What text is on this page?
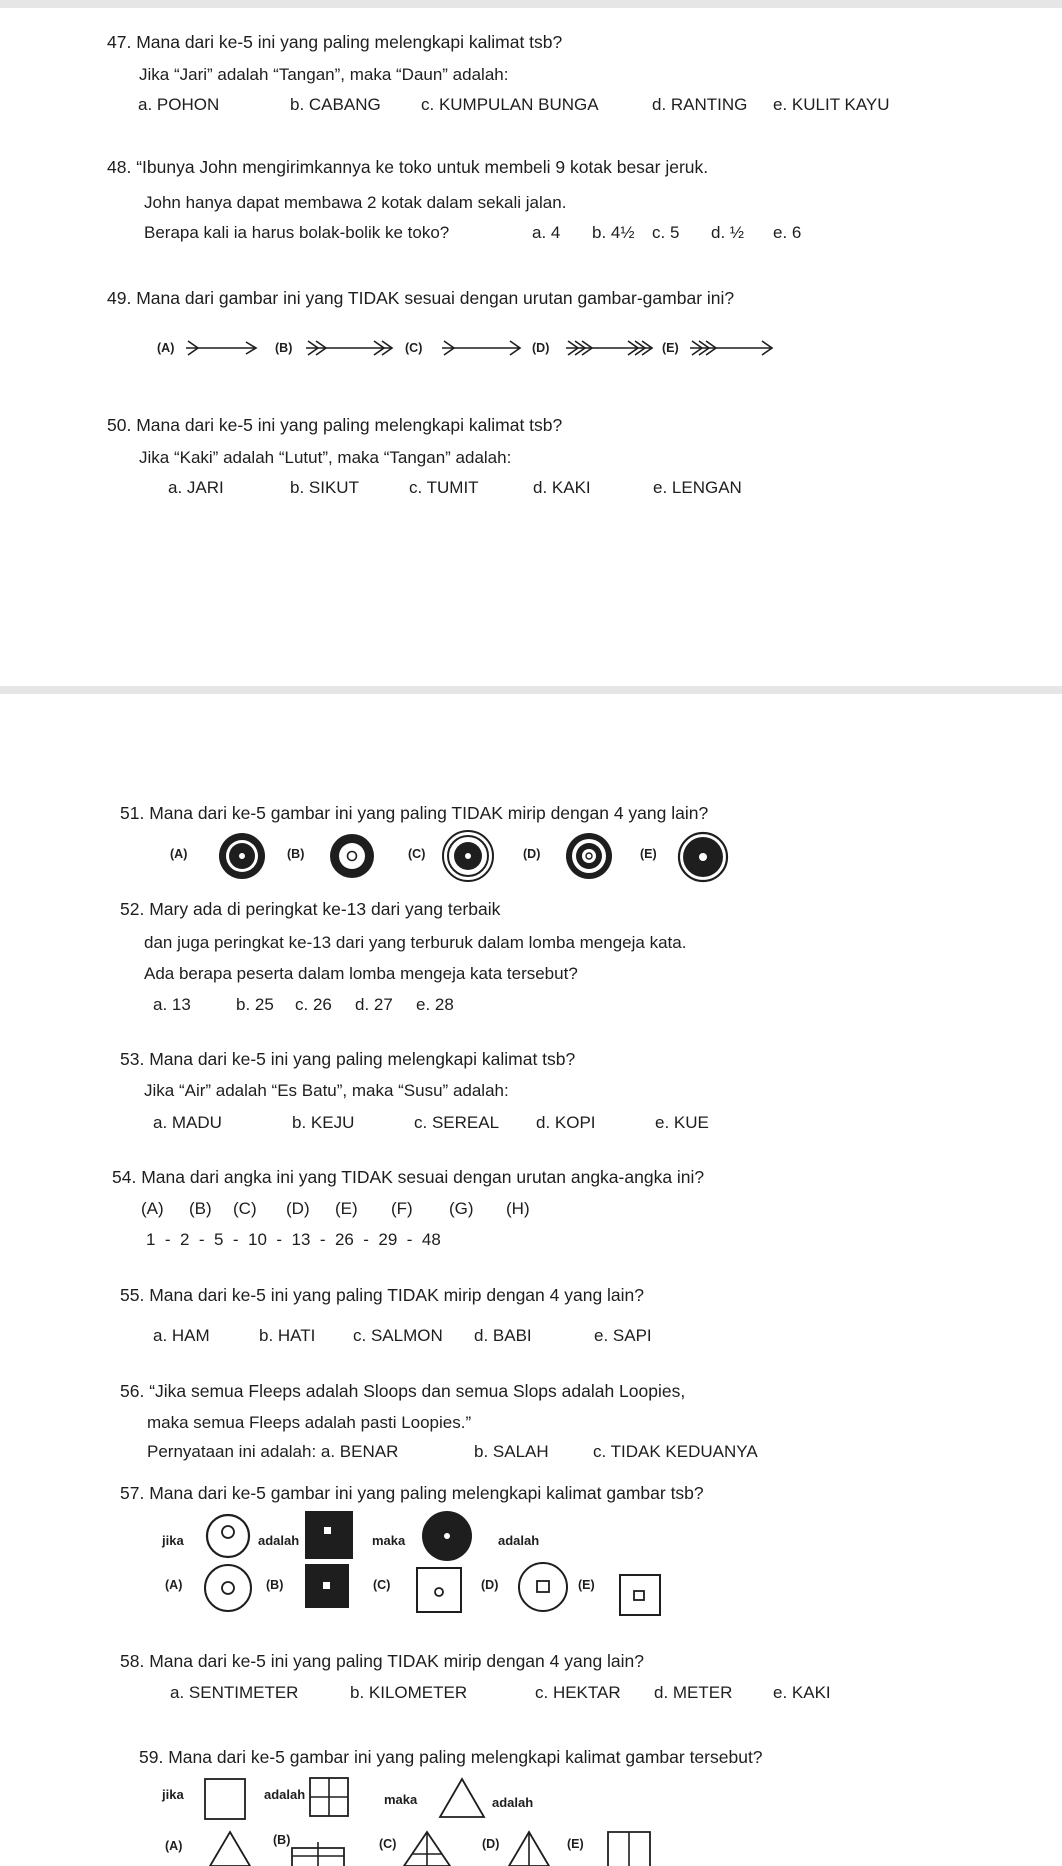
47. Mana dari ke-5 ini yang paling melengkapi kalimat tsb?
Jika “Jari” adalah “Tangan”, maka “Daun” adalah:
a. POHON	b. CABANG c. KUMPULAN BUNGA	d. RANTING e. KULIT KAYU
48. “Ibunya John mengirimkannya ke toko untuk membeli 9 kotak besar jeruk.
John hanya dapat membawa 2 kotak dalam sekali jalan.
Berapa kali ia harus bolak-bolik ke toko?	a. 4 b. 4½ c. 5 d. ½ e. 6
49. Mana dari gambar ini yang TIDAK sesuai dengan urutan gambar-gambar ini?
(A)	(B)	(C)	(D)	(E)
50. Mana dari ke-5 ini yang paling melengkapi kalimat tsb?
Jika “Kaki” adalah “Lutut”, maka “Tangan” adalah:
a. JARI	b. SIKUT	c. TUMIT	d. KAKI	e. LENGAN
51. Mana dari ke-5 gambar ini yang paling TIDAK mirip dengan 4 yang lain?
(A)	(B)	(C)	(D)	(E)
52. Mary ada di peringkat ke-13 dari yang terbaik
dan juga peringkat ke-13 dari yang terburuk dalam lomba mengeja kata.
Ada berapa peserta dalam lomba mengeja kata tersebut?
a. 13	b. 25 c. 26 d. 27 e. 28
53. Mana dari ke-5 ini yang paling melengkapi kalimat tsb?
Jika “Air” adalah “Es Batu”, maka “Susu” adalah:
a. MADU	b. KEJU	c. SEREAL d. KOPI	e. KUE
54. Mana dari angka ini yang TIDAK sesuai dengan urutan angka-angka ini?
(A) (B) (C) (D) (E) (F) (G) (H)
1  -  2  -  5  -  10  -  13  -  26  -  29  -  48
55. Mana dari ke-5 ini yang paling TIDAK mirip dengan 4 yang lain?
a. HAM	b. HATI c. SALMON d. BABI	e. SAPI
56. “Jika semua Fleeps adalah Sloops dan semua Slops adalah Loopies,
maka semua Fleeps adalah pasti Loopies.”
Pernyataan ini adalah: a. BENAR	b. SALAH	c. TIDAK KEDUANYA
57. Mana dari ke-5 gambar ini yang paling melengkapi kalimat gambar tsb?
jika	adalah	maka	adalah
(A)	(B)	(C)	(D)	(E)
58. Mana dari ke-5 ini yang paling TIDAK mirip dengan 4 yang lain?
a. SENTIMETER	b. KILOMETER	c. HEKTAR d. METER e. KAKI
59. Mana dari ke-5 gambar ini yang paling melengkapi kalimat gambar tersebut?
jika	adalah	maka	adalah
(A)	(B)	(C)	(D)	(E)
